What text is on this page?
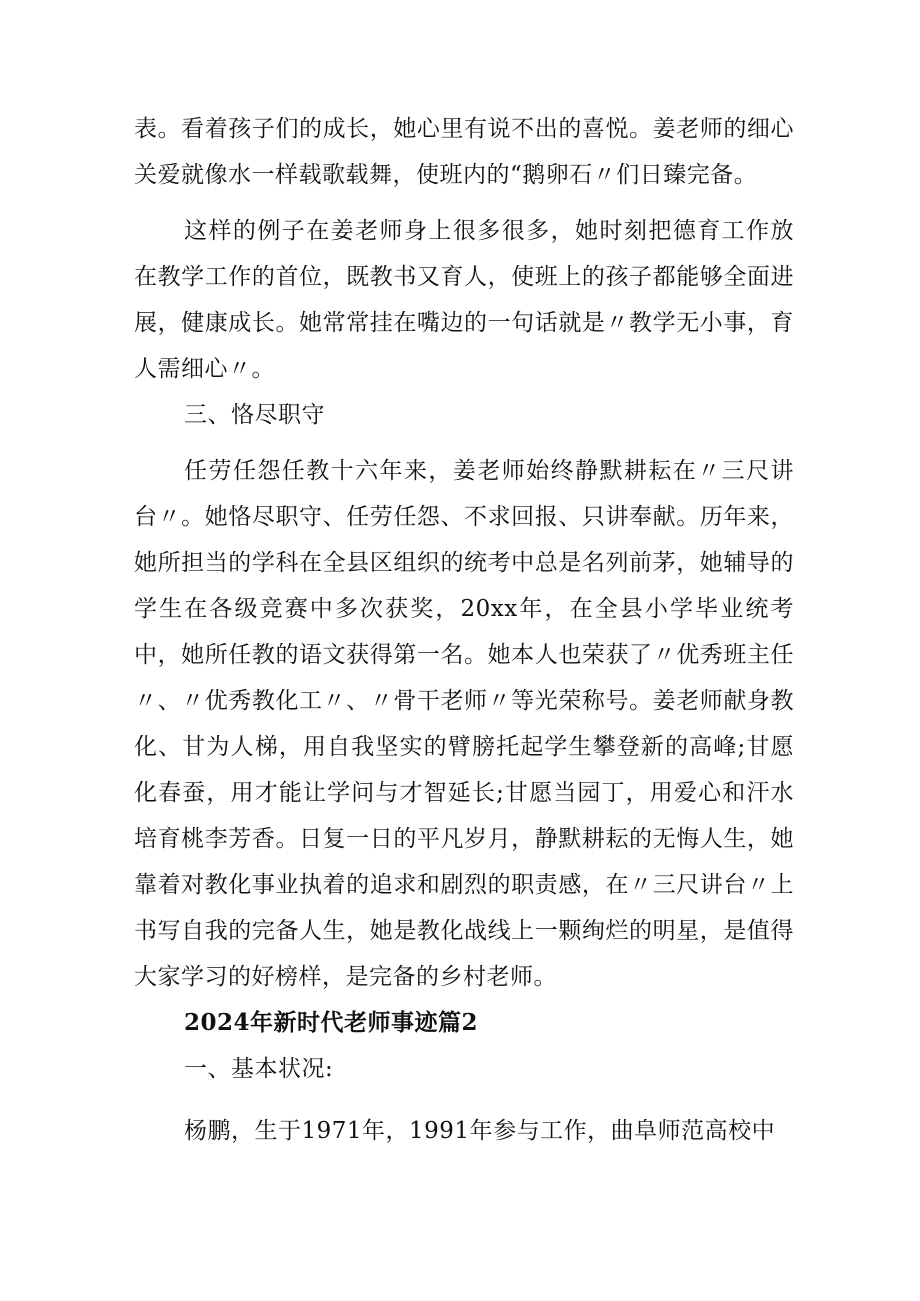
表。看着孩子们的成长，她心里有说不出的喜悦。姜老师的细心关爱就像水一样载歌载舞，使班内的“鹅卵石〃们日臻完备。

这样的例子在姜老师身上很多很多，她时刻把德育工作放在教学工作的首位，既教书又育人，使班上的孩子都能够全面进展，健康成长。她常常挂在嘴边的一句话就是〃教学无小事，育人需细心〃。

三、恪尽职守

任劳任怨任教十六年来，姜老师始终静默耕耘在〃三尺讲台〃。她恪尽职守、任劳任怨、不求回报、只讲奉献。历年来，她所担当的学科在全县区组织的统考中总是名列前茅，她辅导的学生在各级竞赛中多次获奖，20xx年，在全县小学毕业统考中，她所任教的语文获得第一名。她本人也荣获了〃优秀班主任〃、〃优秀教化工〃、〃骨干老师〃等光荣称号。姜老师献身教化、甘为人梯，用自我坚实的臂膀托起学生攀登新的高峰;甘愿化春蚕，用才能让学问与才智延长;甘愿当园丁，用爱心和汗水培育桃李芳香。日复一日的平凡岁月，静默耕耘的无悔人生，她靠着对教化事业执着的追求和剧烈的职责感，在〃三尺讲台〃上书写自我的完备人生，她是教化战线上一颗绚烂的明星，是值得大家学习的好榜样，是完备的乡村老师。

2024年新时代老师事迹篇2

一、基本状况:

杨鹏，生于1971年，1991年参与工作，曲阜师范高校中
